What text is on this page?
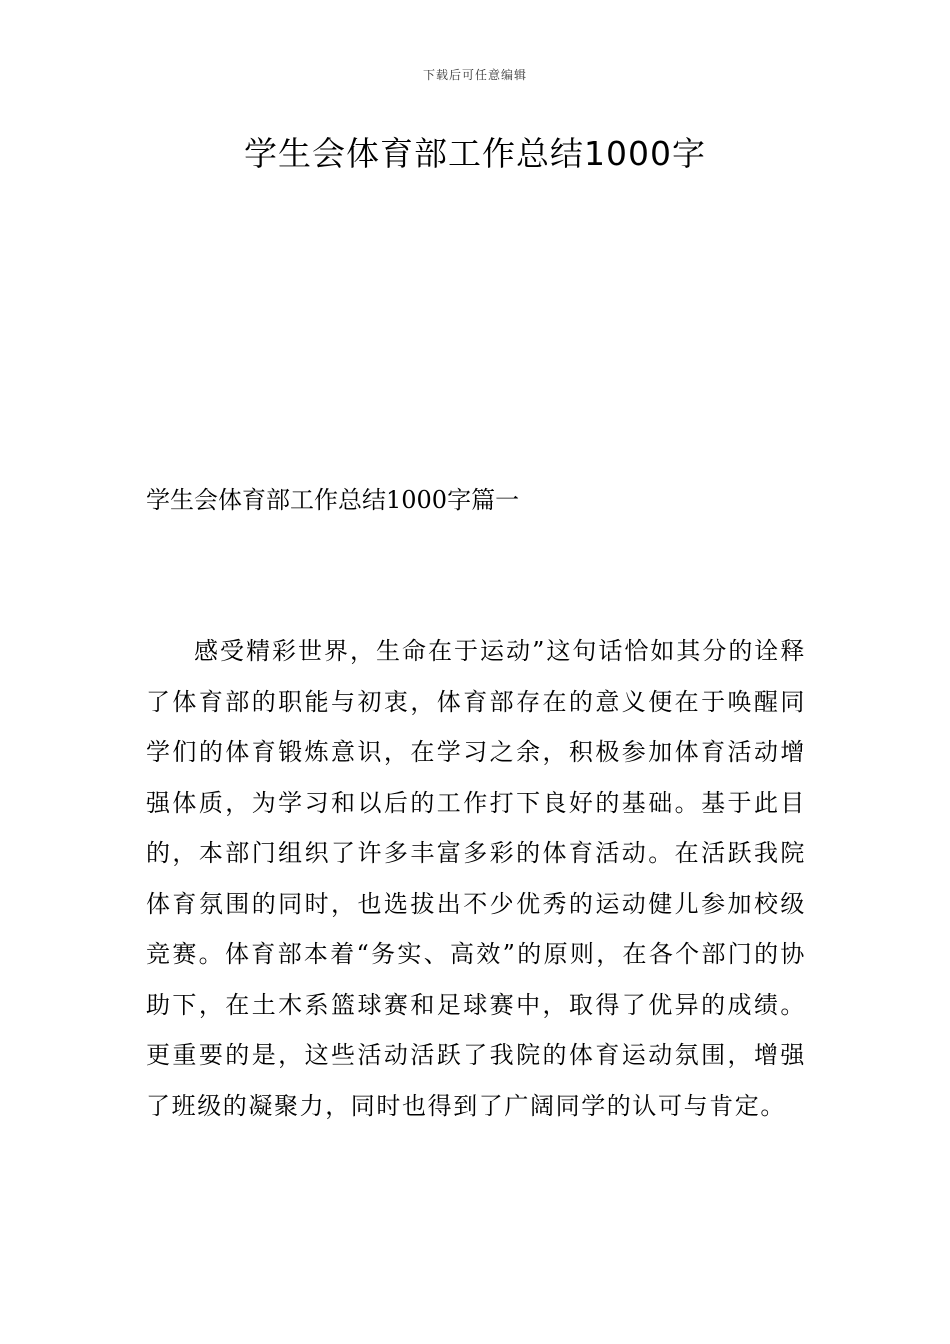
下载后可任意编辑
学生会体育部工作总结1000字
学生会体育部工作总结1000字篇一

感受精彩世界，生命在于运动”这句话恰如其分的诠释了体育部的职能与初衷，体育部存在的意义便在于唤醒同学们的体育锻炼意识，在学习之余，积极参加体育活动增强体质，为学习和以后的工作打下良好的基础。基于此目的，本部门组织了许多丰富多彩的体育活动。在活跃我院体育氛围的同时，也选拔出不少优秀的运动健儿参加校级竞赛。体育部本着“务实、高效”的原则，在各个部门的协助下，在土木系篮球赛和足球赛中，取得了优异的成绩。更重要的是，这些活动活跃了我院的体育运动氛围，增强了班级的凝聚力，同时也得到了广阔同学的认可与肯定。
